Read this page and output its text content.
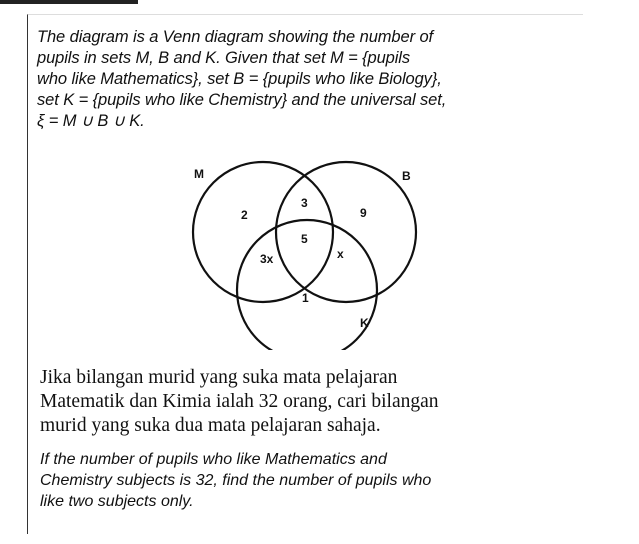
The diagram is a Venn diagram showing the number of

pupils in sets M, B and K. Given that set M = {pupils

who like Mathematics}, set B = {pupils who like Biology},

set K = {pupils who like Chemistry} and the universal set,

ξ = M ∪ B ∪ K.

M	B
K
2
3
9
5
3x	x
1
Jika bilangan murid yang suka mata pelajaran
Matematik dan Kimia ialah 32 orang, cari bilangan
murid yang suka dua mata pelajaran sahaja.
If the number of pupils who like Mathematics and
Chemistry subjects is 32, find the number of pupils who
like two subjects only.
